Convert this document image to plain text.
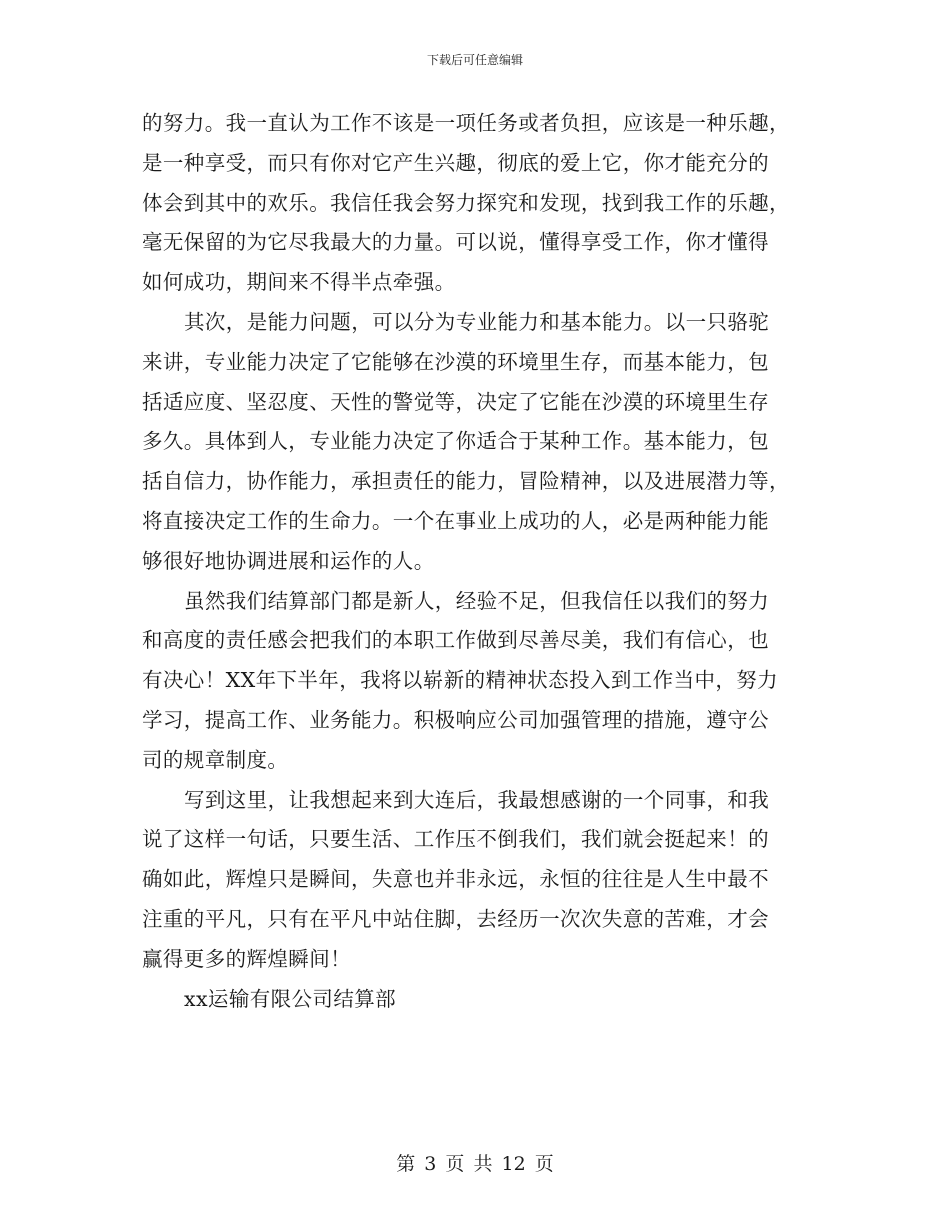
下载后可任意编辑
的努力。我一直认为工作不该是一项任务或者负担，应该是一种乐趣，
是一种享受，而只有你对它产生兴趣，彻底的爱上它，你才能充分的
体会到其中的欢乐。我信任我会努力探究和发现，找到我工作的乐趣，
毫无保留的为它尽我最大的力量。可以说，懂得享受工作，你才懂得
如何成功，期间来不得半点牵强。
其次，是能力问题，可以分为专业能力和基本能力。以一只骆驼
来讲，专业能力决定了它能够在沙漠的环境里生存，而基本能力，包
括适应度、坚忍度、天性的警觉等，决定了它能在沙漠的环境里生存
多久。具体到人，专业能力决定了你适合于某种工作。基本能力，包
括自信力，协作能力，承担责任的能力，冒险精神，以及进展潜力等，
将直接决定工作的生命力。一个在事业上成功的人，必是两种能力能
够很好地协调进展和运作的人。
虽然我们结算部门都是新人，经验不足，但我信任以我们的努力
和高度的责任感会把我们的本职工作做到尽善尽美，我们有信心，也
有决心！XX年下半年，我将以崭新的精神状态投入到工作当中，努力
学习，提高工作、业务能力。积极响应公司加强管理的措施，遵守公
司的规章制度。
写到这里，让我想起来到大连后，我最想感谢的一个同事，和我
说了这样一句话，只要生活、工作压不倒我们，我们就会挺起来！的
确如此，辉煌只是瞬间，失意也并非永远，永恒的往往是人生中最不
注重的平凡，只有在平凡中站住脚，去经历一次次失意的苦难，才会
赢得更多的辉煌瞬间！
xx运输有限公司结算部
第 3 页 共 12 页
